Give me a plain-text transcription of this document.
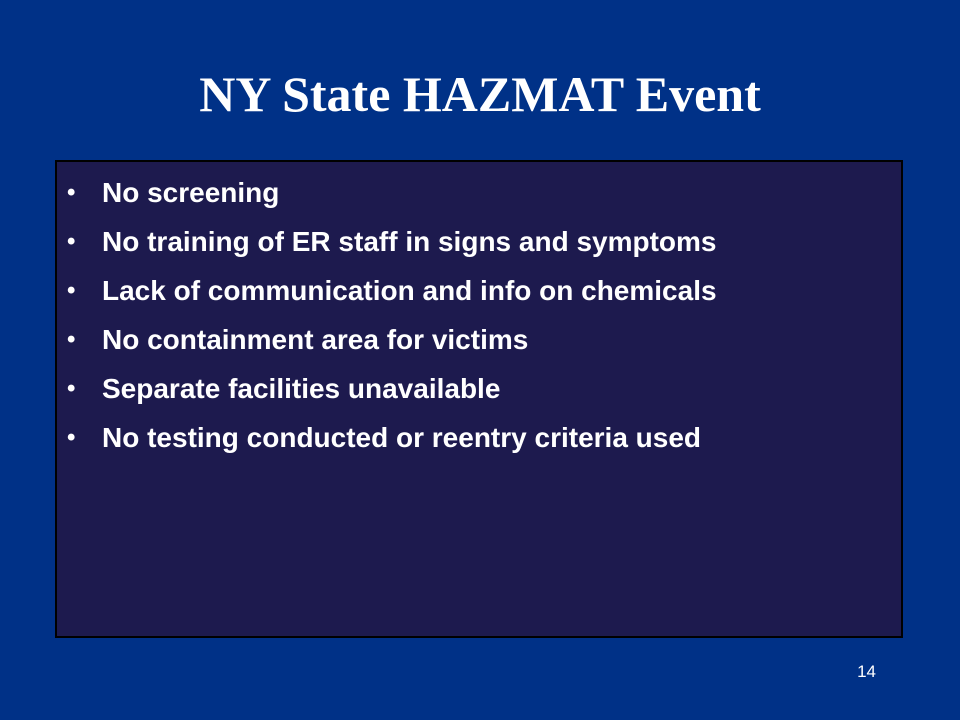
NY State HAZMAT Event
• No screening
• No training of ER staff in signs and symptoms
• Lack of communication and info on chemicals
• No containment area for victims
• Separate facilities unavailable
• No testing conducted or reentry criteria used
14
